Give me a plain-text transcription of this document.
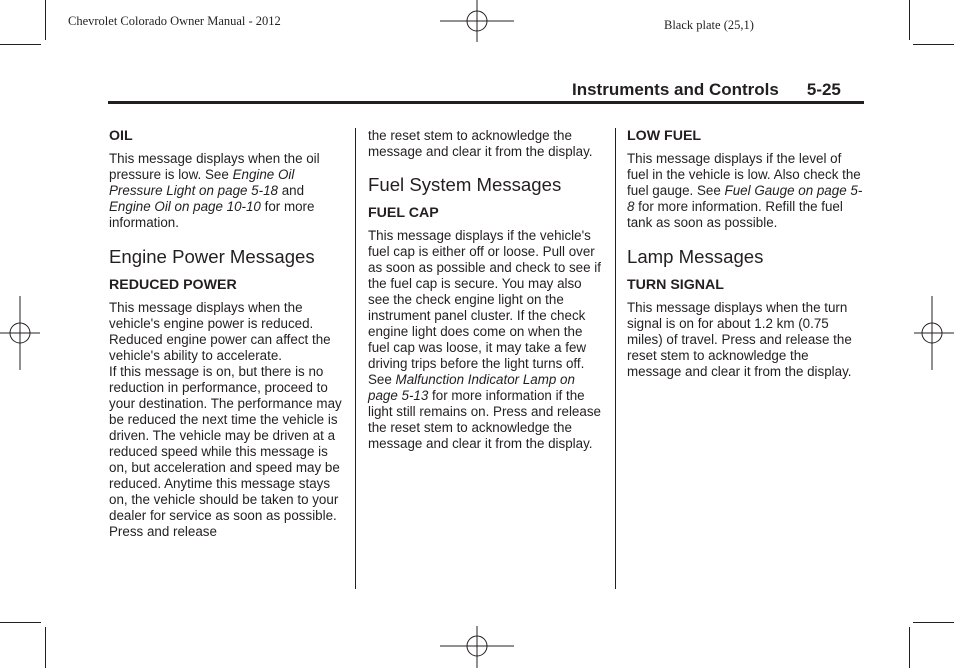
Chevrolet Colorado Owner Manual - 2012	Black plate (25,1)
Instruments and Controls 5-25
OIL

This message displays when the oil pressure is low. See Engine Oil Pressure Light on page 5-18 and Engine Oil on page 10-10 for more information.

Engine Power Messages
REDUCED POWER

This message displays when the vehicle's engine power is reduced. Reduced engine power can affect the vehicle's ability to accelerate.

If this message is on, but there is no reduction in performance, proceed to your destination. The performance may be reduced the next time the vehicle is driven. The vehicle may be driven at a reduced speed while this message is on, but acceleration and speed may be reduced. Anytime this message stays on, the vehicle should be taken to your dealer for service as soon as possible. Press and release

the reset stem to acknowledge the message and clear it from the display.

Fuel System Messages
FUEL CAP

This message displays if the vehicle's fuel cap is either off or loose. Pull over as soon as possible and check to see if the fuel cap is secure. You may also see the check engine light on the instrument panel cluster. If the check engine light does come on when the fuel cap was loose, it may take a few driving trips before the light turns off. See Malfunction Indicator Lamp on page 5-13 for more information if the light still remains on. Press and release the reset stem to acknowledge the message and clear it from the display.

LOW FUEL

This message displays if the level of fuel in the vehicle is low. Also check the fuel gauge. See Fuel Gauge on page 5-8 for more information. Refill the fuel tank as soon as possible.

Lamp Messages
TURN SIGNAL

This message displays when the turn signal is on for about 1.2 km (0.75 miles) of travel. Press and release the reset stem to acknowledge the message and clear it from the display.
